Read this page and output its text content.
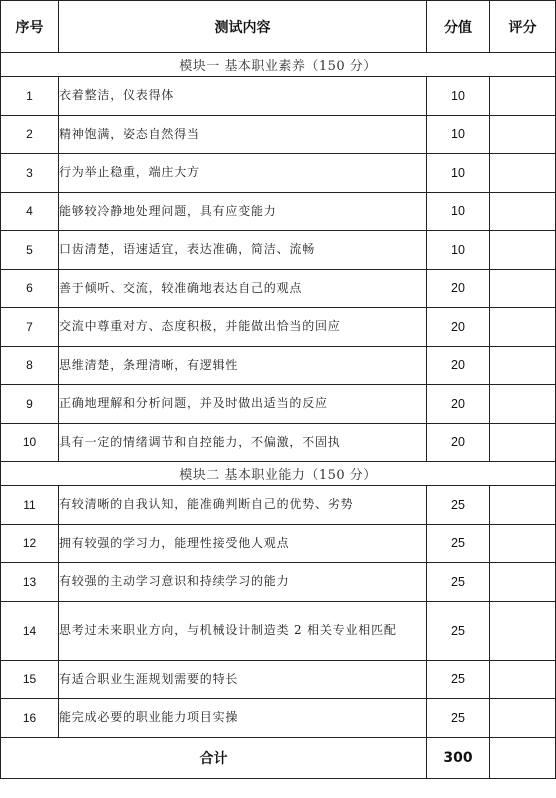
序号	测试内容	分值	评分
模块一 基本职业素养（150 分）			
1	衣着整洁，仪表得体	10	
2	精神饱满，姿态自然得当	10	
3	行为举止稳重，端庄大方	10	
4	能够较冷静地处理问题，具有应变能力	10	
5	口齿清楚，语速适宜，表达准确，简洁、流畅	10	
6	善于倾听、交流，较准确地表达自己的观点	20	
7	交流中尊重对方、态度积极，并能做出恰当的回应	20	
8	思维清楚，条理清晰，有逻辑性	20	
9	正确地理解和分析问题，并及时做出适当的反应	20	
10	具有一定的情绪调节和自控能力，不偏激，不固执	20	
模块二 基本职业能力（150 分）			
11	有较清晰的自我认知，能准确判断自己的优势、劣势	25	
12	拥有较强的学习力，能理性接受他人观点	25	
13	有较强的主动学习意识和持续学习的能力	25	
14	思考过未来职业方向，与机械设计制造类 2 相关专业相匹配	25	
15	有适合职业生涯规划需要的特长	25	
16	能完成必要的职业能力项目实操	25	
合计		300	
